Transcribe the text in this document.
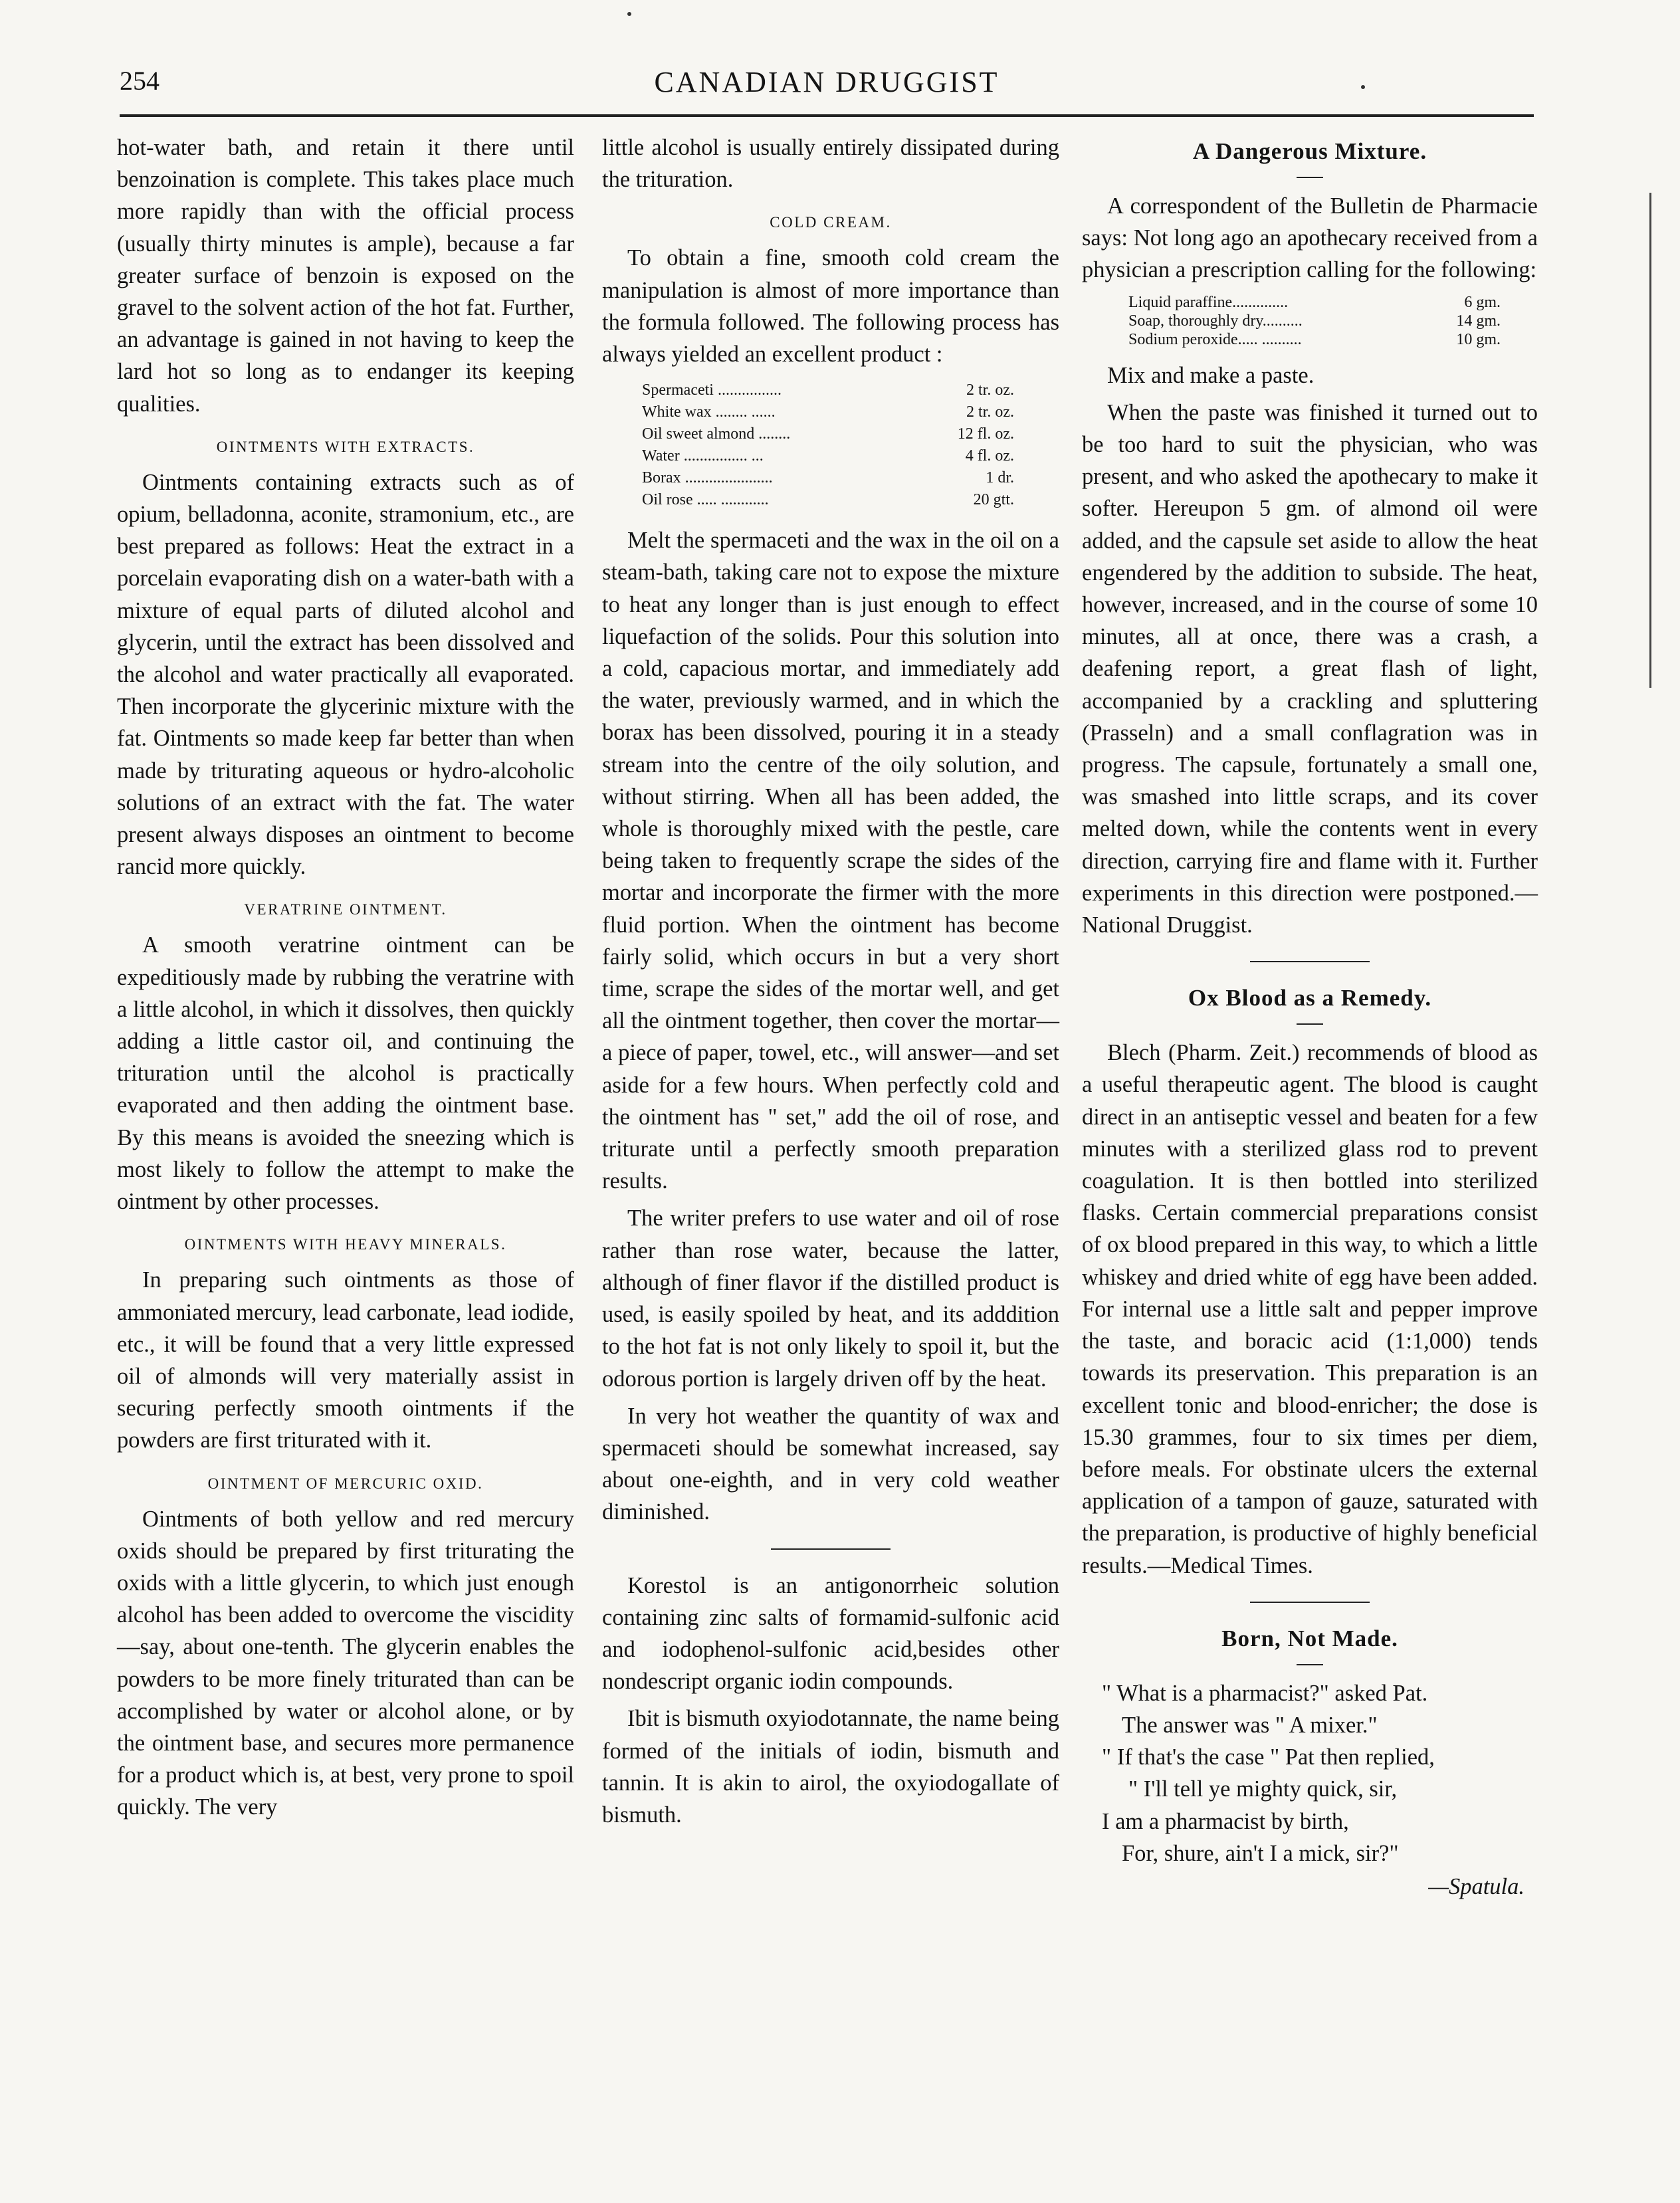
254	CANADIAN DRUGGIST

hot-water bath, and retain it there until benzoination is complete. This takes place much more rapidly than with the official process (usually thirty minutes is ample), because a far greater surface of benzoin is exposed on the gravel to the solvent action of the hot fat. Further, an advantage is gained in not having to keep the lard hot so long as to endanger its keeping qualities.

OINTMENTS WITH EXTRACTS.

Ointments containing extracts such as of opium, belladonna, aconite, stramonium, etc., are best prepared as follows: Heat the extract in a porcelain evaporating dish on a water-bath with a mixture of equal parts of diluted alcohol and glycerin, until the extract has been dissolved and the alcohol and water practically all evaporated. Then incorporate the glycerinic mixture with the fat. Ointments so made keep far better than when made by triturating aqueous or hydro-alcoholic solutions of an extract with the fat. The water present always disposes an ointment to become rancid more quickly.

VERATRINE OINTMENT.

A smooth veratrine ointment can be expeditiously made by rubbing the veratrine with a little alcohol, in which it dissolves, then quickly adding a little castor oil, and continuing the trituration until the alcohol is practically evaporated and then adding the ointment base. By this means is avoided the sneezing which is most likely to follow the attempt to make the ointment by other processes.

OINTMENTS WITH HEAVY MINERALS.

In preparing such ointments as those of ammoniated mercury, lead carbonate, lead iodide, etc., it will be found that a very little expressed oil of almonds will very materially assist in securing perfectly smooth ointments if the powders are first triturated with it.

OINTMENT OF MERCURIC OXID.

Ointments of both yellow and red mercury oxids should be prepared by first triturating the oxids with a little glycerin, to which just enough alcohol has been added to overcome the viscidity—say, about one-tenth. The glycerin enables the powders to be more finely triturated than can be accomplished by water or alcohol alone, or by the ointment base, and secures more permanence for a product which is, at best, very prone to spoil quickly. The very

little alcohol is usually entirely dissipated during the trituration.

COLD CREAM.

To obtain a fine, smooth cold cream the manipulation is almost of more importance than the formula followed. The following process has always yielded an excellent product :

Spermaceti ................	2 tr. oz.
White wax ........ ......	2 tr. oz.
Oil sweet almond ........	12 fl. oz.
Water ................ ...	4 fl. oz.
Borax ......................	1 dr.
Oil rose ..... ............	20 gtt.

Melt the spermaceti and the wax in the oil on a steam-bath, taking care not to expose the mixture to heat any longer than is just enough to effect liquefaction of the solids. Pour this solution into a cold, capacious mortar, and immediately add the water, previously warmed, and in which the borax has been dissolved, pouring it in a steady stream into the centre of the oily solution, and without stirring. When all has been added, the whole is thoroughly mixed with the pestle, care being taken to frequently scrape the sides of the mortar and incorporate the firmer with the more fluid portion. When the ointment has become fairly solid, which occurs in but a very short time, scrape the sides of the mortar well, and get all the ointment together, then cover the mortar—a piece of paper, towel, etc., will answer—and set aside for a few hours. When perfectly cold and the ointment has " set," add the oil of rose, and triturate until a perfectly smooth preparation results.

The writer prefers to use water and oil of rose rather than rose water, because the latter, although of finer flavor if the distilled product is used, is easily spoiled by heat, and its adddition to the hot fat is not only likely to spoil it, but the odorous portion is largely driven off by the heat.

In very hot weather the quantity of wax and spermaceti should be somewhat increased, say about one-eighth, and in very cold weather diminished.

Korestol is an antigonorrheic solution containing zinc salts of formamid-sulfonic acid and iodophenol-sulfonic acid,besides other nondescript organic iodin compounds.

Ibit is bismuth oxyiodotannate, the name being formed of the initials of iodin, bismuth and tannin. It is akin to airol, the oxyiodogallate of bismuth.

A Dangerous Mixture.

A correspondent of the Bulletin de Pharmacie says: Not long ago an apothecary received from a physician a prescription calling for the following:

Liquid paraffine..............	6 gm.
Soap, thoroughly dry..........	14 gm.
Sodium peroxide..... ..........	10 gm.

Mix and make a paste.

When the paste was finished it turned out to be too hard to suit the physician, who was present, and who asked the apothecary to make it softer. Hereupon 5 gm. of almond oil were added, and the capsule set aside to allow the heat engendered by the addition to subside. The heat, however, increased, and in the course of some 10 minutes, all at once, there was a crash, a deafening report, a great flash of light, accompanied by a crackling and spluttering (Prasseln) and a small conflagration was in progress. The capsule, fortunately a small one, was smashed into little scraps, and its cover melted down, while the contents went in every direction, carrying fire and flame with it. Further experiments in this direction were postponed.—National Druggist.

Ox Blood as a Remedy.

Blech (Pharm. Zeit.) recommends of blood as a useful therapeutic agent. The blood is caught direct in an antiseptic vessel and beaten for a few minutes with a sterilized glass rod to prevent coagulation. It is then bottled into sterilized flasks. Certain commercial preparations consist of ox blood prepared in this way, to which a little whiskey and dried white of egg have been added. For internal use a little salt and pepper improve the taste, and boracic acid (1:1,000) tends towards its preservation. This preparation is an excellent tonic and blood-enricher; the dose is 15.30 grammes, four to six times per diem, before meals. For obstinate ulcers the external application of a tampon of gauze, saturated with the preparation, is productive of highly beneficial results.—Medical Times.

Born, Not Made.
" What is a pharmacist?" asked Pat.
The answer was " A mixer."
" If that's the case " Pat then replied,
" I'll tell ye mighty quick, sir,
I am a pharmacist by birth,
For, shure, ain't I a mick, sir?"
—Spatula.
